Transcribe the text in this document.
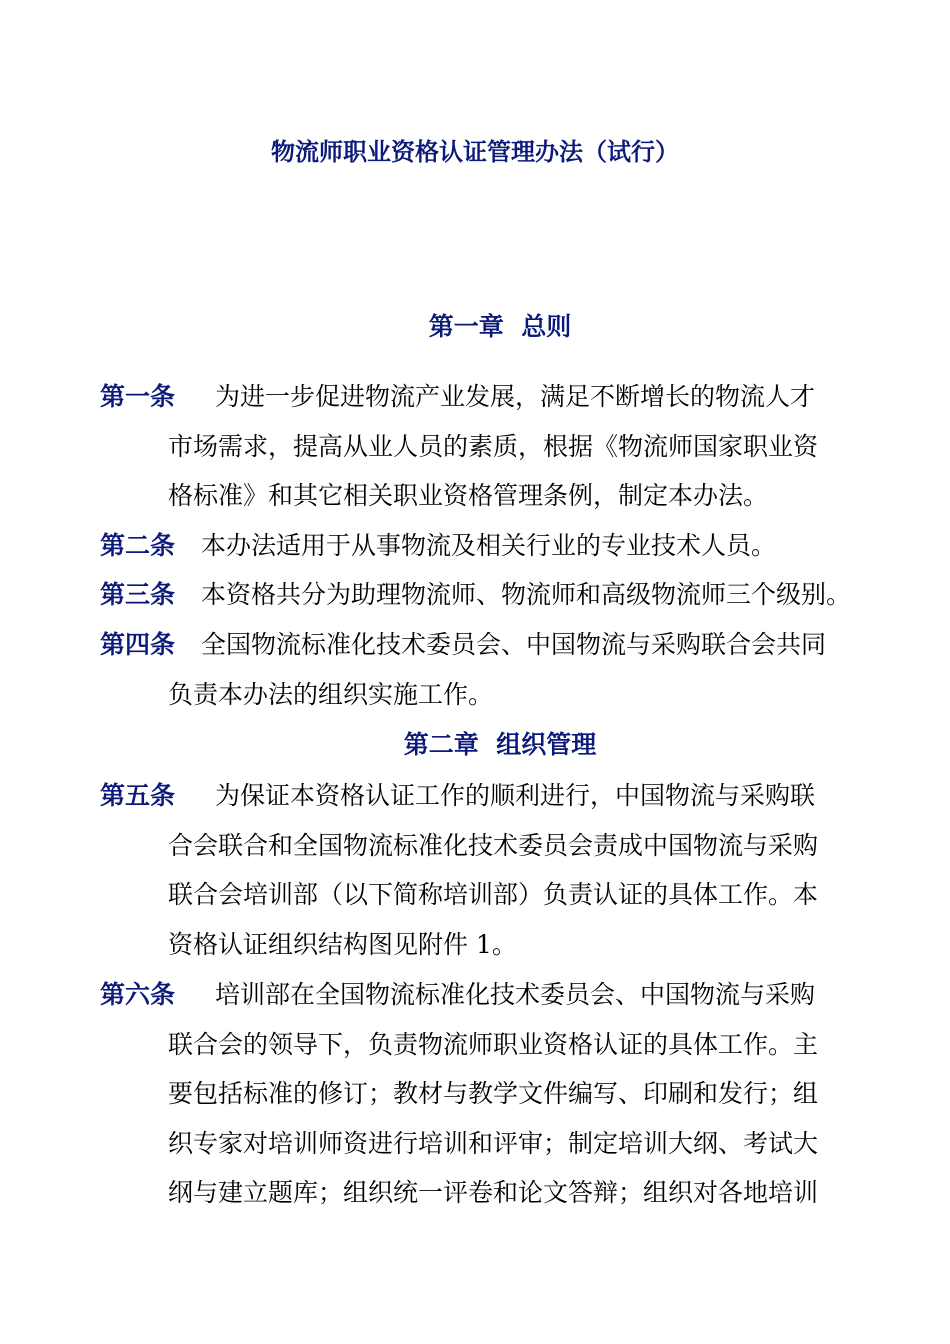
物流师职业资格认证管理办法（试行）
第一章  总则
第一条	为进一步促进物流产业发展，满足不断增长的物流人才
市场需求，提高从业人员的素质，根据《物流师国家职业资
格标准》和其它相关职业资格管理条例，制定本办法。
第二条	本办法适用于从事物流及相关行业的专业技术人员。
第三条	本资格共分为助理物流师、物流师和高级物流师三个级别。
第四条	全国物流标准化技术委员会、中国物流与采购联合会共同
负责本办法的组织实施工作。
第二章  组织管理
第五条	为保证本资格认证工作的顺利进行，中国物流与采购联
合会联合和全国物流标准化技术委员会责成中国物流与采购
联合会培训部（以下简称培训部）负责认证的具体工作。本
资格认证组织结构图见附件 1。
第六条	培训部在全国物流标准化技术委员会、中国物流与采购
联合会的领导下，负责物流师职业资格认证的具体工作。主
要包括标准的修订；教材与教学文件编写、印刷和发行；组
织专家对培训师资进行培训和评审；制定培训大纲、考试大
纲与建立题库；组织统一评卷和论文答辩；组织对各地培训
